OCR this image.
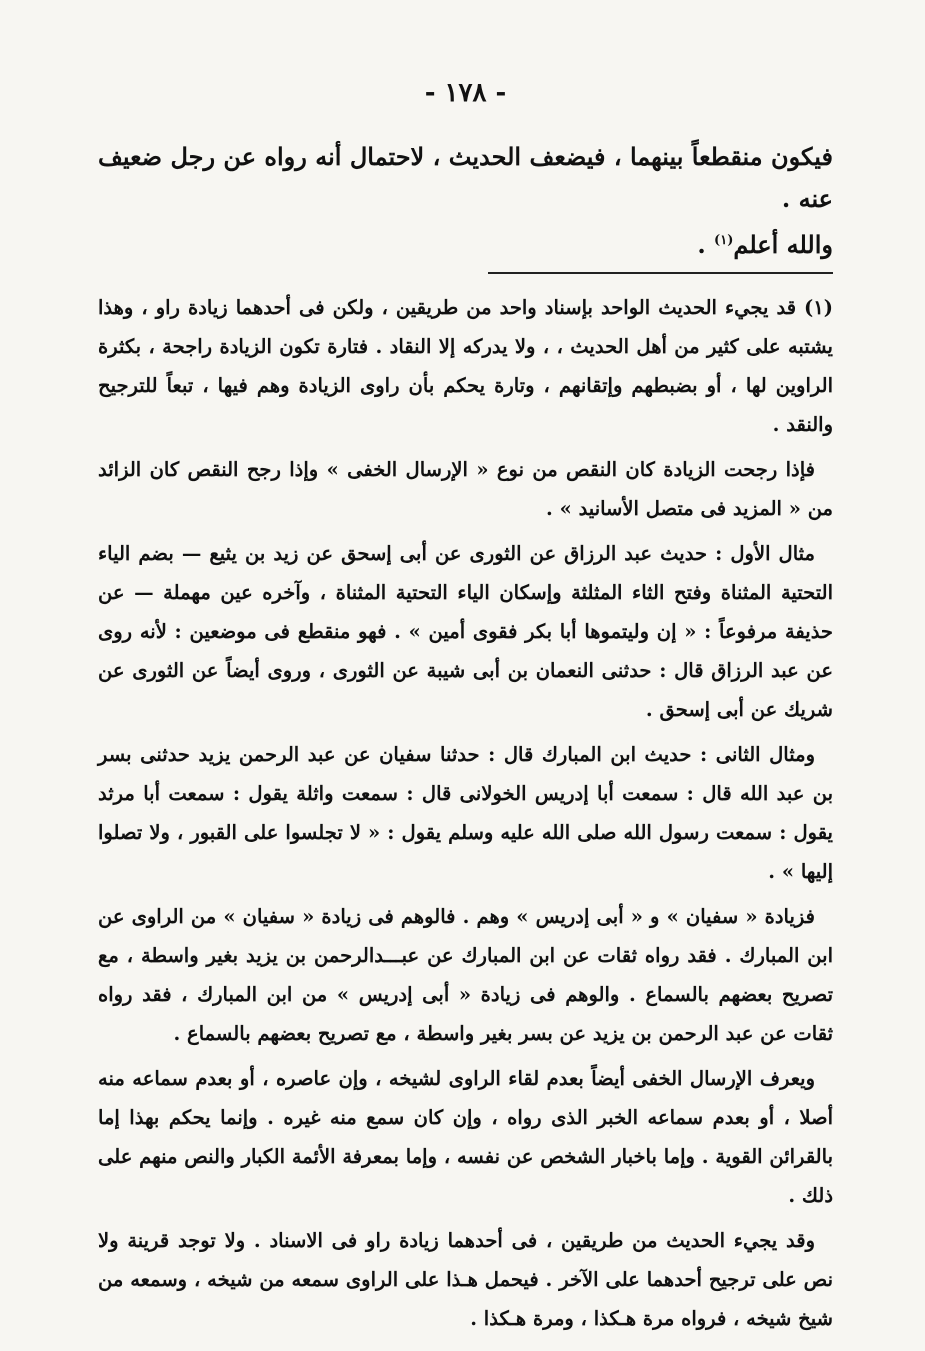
- ١٧٨ -

فيكون منقطعاً بينهما ، فيضعف الحديث ، لاحتمال أنه رواه عن رجل ضعيف عنه .
والله أعلم$^{(١)}$ .

(١) قد يجيء الحديث الواحد بإسناد واحد من طريقين ، ولكن فى أحدهما زيادة راو ، وهذا يشتبه على كثير من أهل الحديث ، ، ولا يدركه إلا النقاد . فتارة تكون الزيادة راجحة ، بكثرة الراوين لها ، أو بضبطهم وإتقانهم ، وتارة يحكم بأن راوى الزيادة وهم فيها ، تبعاً للترجيح والنقد .

فإذا رجحت الزيادة كان النقص من نوع « الإرسال الخفى » وإذا رجح النقص كان الزائد من « المزيد فى متصل الأسانيد » .

مثال الأول : حديث عبد الرزاق عن الثورى عن أبى إسحق عن زيد بن يثيع — بضم الياء التحتية المثناة وفتح الثاء المثلثة وإسكان الياء التحتية المثناة ، وآخره عين مهملة — عن حذيفة مرفوعاً : « إن وليتموها أبا بكر فقوى أمين » . فهو منقطع فى موضعين : لأنه روى عن عبد الرزاق قال : حدثنى النعمان بن أبى شيبة عن الثورى ، وروى أيضاً عن الثورى عن شريك عن أبى إسحق .

ومثال الثانى : حديث ابن المبارك قال : حدثنا سفيان عن عبد الرحمن يزيد حدثنى بسر بن عبد الله قال : سمعت أبا إدريس الخولانى قال : سمعت واثلة يقول : سمعت أبا مرثد يقول : سمعت رسول الله صلى الله عليه وسلم يقول : « لا تجلسوا على القبور ، ولا تصلوا إليها » .

فزيادة « سفيان » و « أبى إدريس » وهم . فالوهم فى زيادة « سفيان » من الراوى عن ابن المبارك . فقد رواه ثقات عن ابن المبارك عن عبـــدالرحمن بن يزيد بغير واسطة ، مع تصريح بعضهم بالسماع . والوهم فى زيادة « أبى إدريس » من ابن المبارك ، فقد رواه ثقات عن عبد الرحمن بن يزيد عن بسر بغير واسطة ، مع تصريح بعضهم بالسماع .

ويعرف الإرسال الخفى أيضاً بعدم لقاء الراوى لشيخه ، وإن عاصره ، أو بعدم سماعه منه أصلا ، أو بعدم سماعه الخبر الذى رواه ، وإن كان سمع منه غيره . وإنما يحكم بهذا إما بالقرائن القوية . وإما باخبار الشخص عن نفسه ، وإما بمعرفة الأئمة الكبار والنص منهم على ذلك .

وقد يجيء الحديث من طريقين ، فى أحدهما زيادة راو فى الاسناد . ولا توجد قرينة ولا نص على ترجيح أحدهما على الآخر . فيحمل هـذا على الراوى سمعه من شيخه ، وسمعه من شيخ شيخه ، فرواه مرة هـكذا ، ومرة هـكذا .
